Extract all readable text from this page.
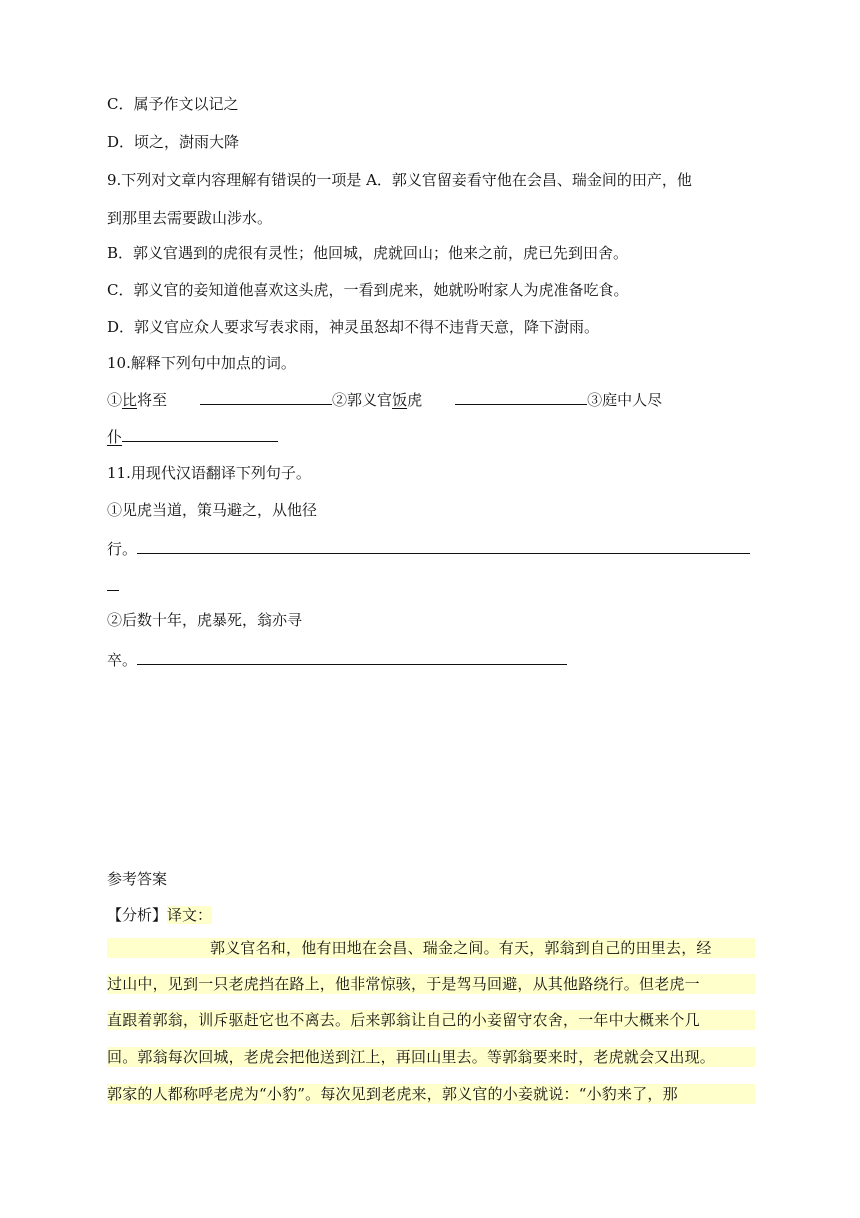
C．属予作文以记之
D．顷之，澍雨大降
9.下列对文章内容理解有错误的一项是 A．郭义官留妾看守他在会昌、瑞金间的田产，他
到那里去需要跋山涉水。
B．郭义官遇到的虎很有灵性；他回城，虎就回山；他来之前，虎已先到田舍。
C．郭义官的妾知道他喜欢这头虎，一看到虎来，她就吩咐家人为虎准备吃食。
D．郭义官应众人要求写表求雨，神灵虽怒却不得不违背天意，降下澍雨。
10.解释下列句中加点的词。
①比将至	②郭义官饭虎	③庭中人尽
仆
11.用现代汉语翻译下列句子。
①见虎当道，策马避之，从他径
行。
②后数十年，虎暴死，翁亦寻
卒。
参考答案
【分析】译文：
郭义官名和，他有田地在会昌、瑞金之间。有天，郭翁到自己的田里去，经
过山中，见到一只老虎挡在路上，他非常惊骇，于是驾马回避，从其他路绕行。但老虎一
直跟着郭翁，训斥驱赶它也不离去。后来郭翁让自己的小妾留守农舍，一年中大概来个几
回。郭翁每次回城，老虎会把他送到江上，再回山里去。等郭翁要来时，老虎就会又出现。
郭家的人都称呼老虎为“小豹”。每次见到老虎来，郭义官的小妾就说：“小豹来了，那
